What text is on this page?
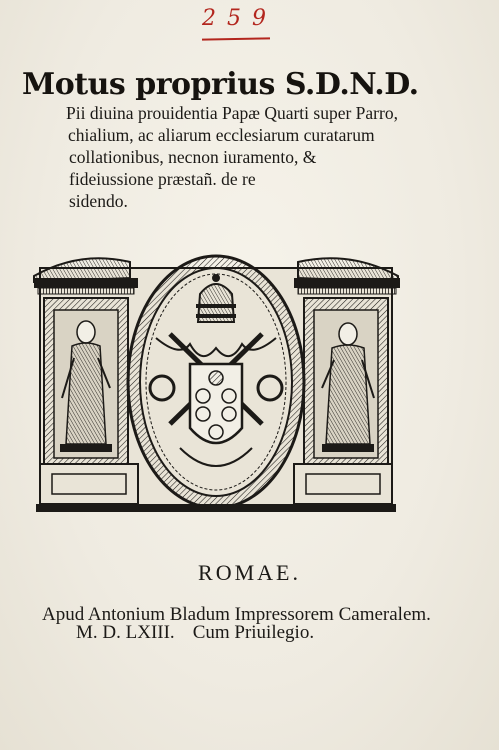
2 5 9
Motus proprius S.D.N.D.
Pii diuina prouidentia Papæ Quarti super Parro,
chialium, ac aliarum ecclesiarum curatarum
collationibus, necnon iuramento, &
fideiussione præstañ. de re
sidendo.
ROMAE.
Apud Antonium Bladum Impressorem Cameralem.
M. D. LXIII. Cum Priuilegio.
